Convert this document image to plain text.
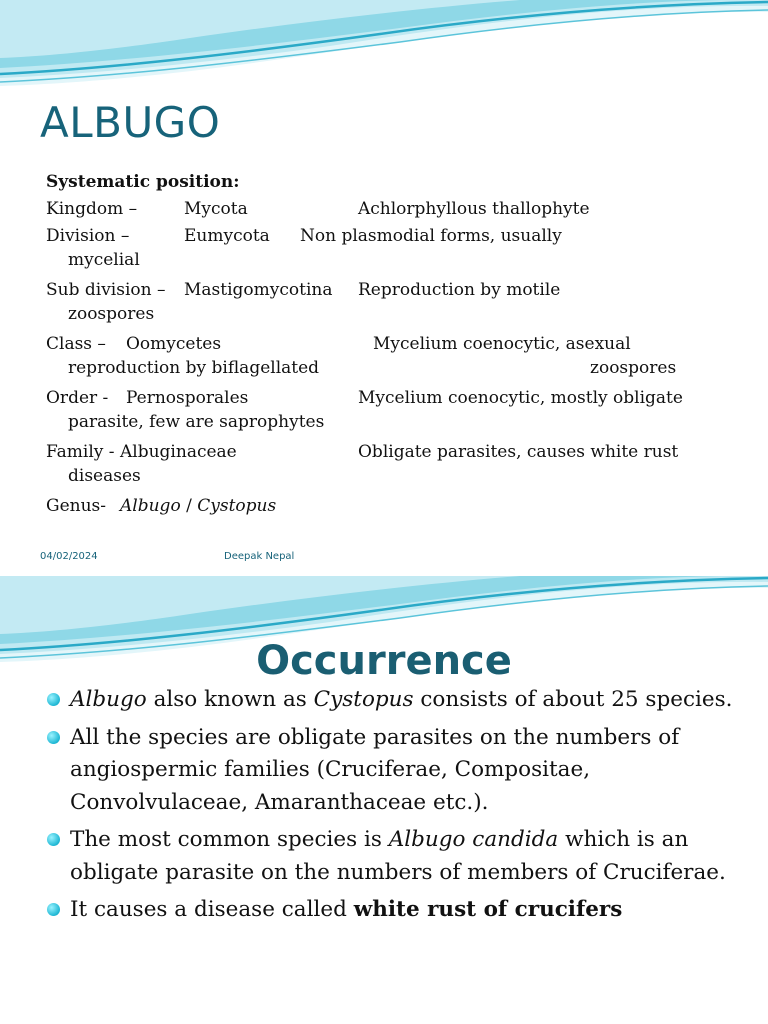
ALBUGO
Systematic position:
Kingdom –	Mycota	Achlorphyllous thallophyte
Division –	Eumycota Non plasmodial forms, usually
mycelial
Sub division – Mastigomycotina Reproduction by motile
zoospores
Class – Oomycetes	Mycelium coenocytic, asexual
reproduction by biflagellated	zoospores
Order - Pernosporales	Mycelium coenocytic, mostly obligate
parasite, few are saprophytes
Family - Albuginaceae	Obligate parasites, causes white rust
diseases
Genus- Albugo / Cystopus
04/02/2024	Deepak Nepal
Occurrence
Albugo also known as Cystopus consists of about 25 species.
All the species are obligate parasites on the numbers of angiospermic families (Cruciferae, Compositae, Convolvulaceae, Amaranthaceae etc.).
The most common species is Albugo candida which is an obligate parasite on the numbers of members of Cruciferae.
It causes a disease called white rust of crucifers
